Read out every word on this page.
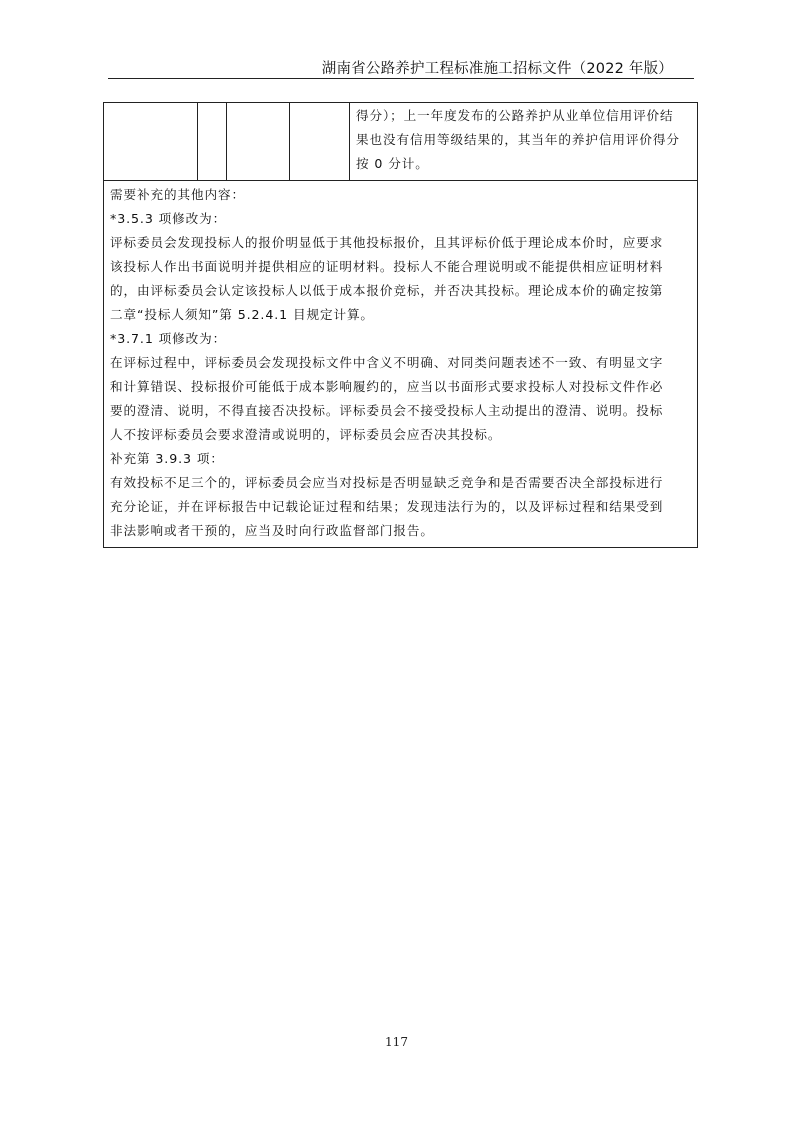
湖南省公路养护工程标准施工招标文件（2022 年版）

得分）；上一年度发布的公路养护从业单位信用评价结
果也没有信用等级结果的，其当年的养护信用评价得分
按 0 分计。

需要补充的其他内容：
*3.5.3 项修改为：
评标委员会发现投标人的报价明显低于其他投标报价，且其评标价低于理论成本价时，应要求
该投标人作出书面说明并提供相应的证明材料。投标人不能合理说明或不能提供相应证明材料
的，由评标委员会认定该投标人以低于成本报价竞标，并否决其投标。理论成本价的确定按第
二章“投标人须知”第 5.2.4.1 目规定计算。
*3.7.1 项修改为：
在评标过程中，评标委员会发现投标文件中含义不明确、对同类问题表述不一致、有明显文字
和计算错误、投标报价可能低于成本影响履约的，应当以书面形式要求投标人对投标文件作必
要的澄清、说明，不得直接否决投标。评标委员会不接受投标人主动提出的澄清、说明。投标
人不按评标委员会要求澄清或说明的，评标委员会应否决其投标。
补充第 3.9.3 项：
有效投标不足三个的，评标委员会应当对投标是否明显缺乏竞争和是否需要否决全部投标进行
充分论证，并在评标报告中记载论证过程和结果；发现违法行为的，以及评标过程和结果受到
非法影响或者干预的，应当及时向行政监督部门报告。
117
